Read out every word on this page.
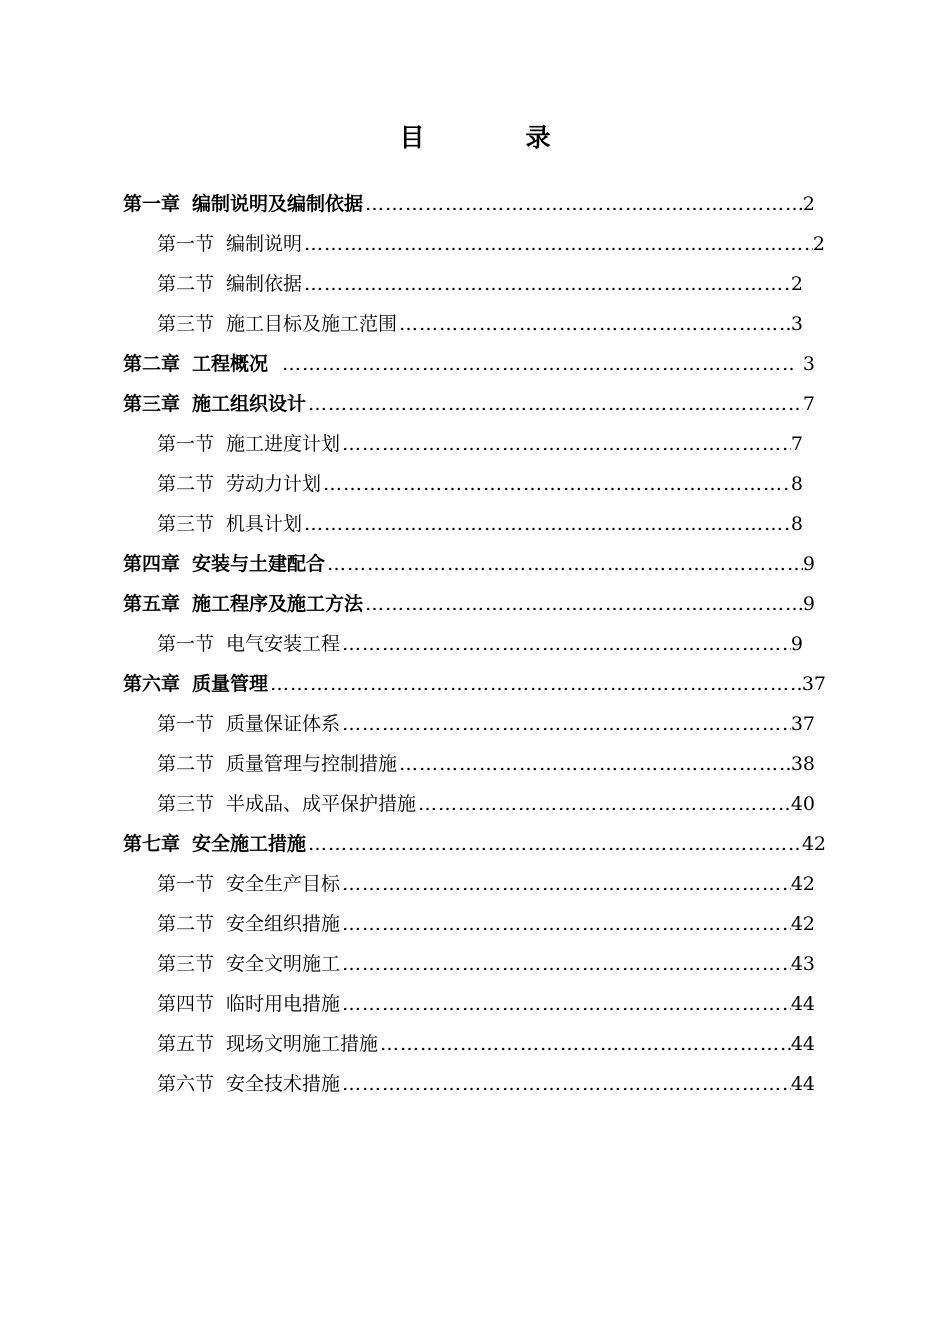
目　录
第一章 编制说明及编制依据 ……………………………………………………………………………………………………………………………………………………………………………………	2
第一节 编制说明 ……………………………………………………………………………………………………………………………………………………………………………………	2
第二节 编制依据 ……………………………………………………………………………………………………………………………………………………………………………………	2
第三节 施工目标及施工范围 ……………………………………………………………………………………………………………………………………………………………………………………	3
第二章 工程概况 ……………………………………………………………………………………………………………………………………………………………………………………	3
第三章 施工组织设计 ……………………………………………………………………………………………………………………………………………………………………………………	7
第一节 施工进度计划 ……………………………………………………………………………………………………………………………………………………………………………………	7
第二节 劳动力计划 ……………………………………………………………………………………………………………………………………………………………………………………	8
第三节 机具计划 ……………………………………………………………………………………………………………………………………………………………………………………	8
第四章 安装与土建配合 ……………………………………………………………………………………………………………………………………………………………………………………	9
第五章 施工程序及施工方法 ……………………………………………………………………………………………………………………………………………………………………………………	9
第一节 电气安装工程 ……………………………………………………………………………………………………………………………………………………………………………………	9
第六章 质量管理 ……………………………………………………………………………………………………………………………………………………………………………………	37
第一节 质量保证体系 ……………………………………………………………………………………………………………………………………………………………………………………	37
第二节 质量管理与控制措施 ……………………………………………………………………………………………………………………………………………………………………………………	38
第三节 半成品、成平保护措施 ……………………………………………………………………………………………………………………………………………………………………………………	40
第七章 安全施工措施 ……………………………………………………………………………………………………………………………………………………………………………………	42
第一节 安全生产目标 ……………………………………………………………………………………………………………………………………………………………………………………	42
第二节 安全组织措施 ……………………………………………………………………………………………………………………………………………………………………………………	42
第三节 安全文明施工 ……………………………………………………………………………………………………………………………………………………………………………………	43
第四节 临时用电措施 ……………………………………………………………………………………………………………………………………………………………………………………	44
第五节 现场文明施工措施 ……………………………………………………………………………………………………………………………………………………………………………………	44
第六节 安全技术措施 ……………………………………………………………………………………………………………………………………………………………………………………	44
